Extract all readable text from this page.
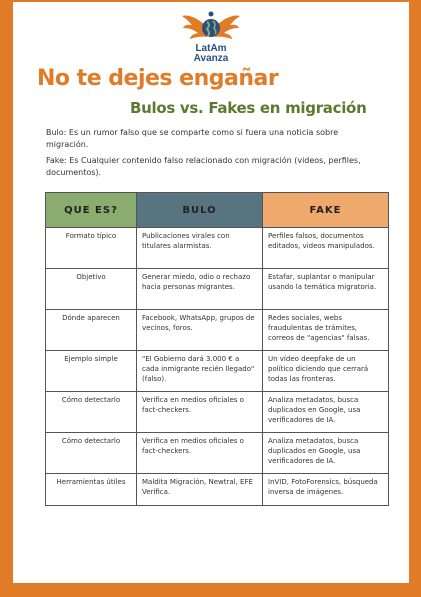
LatAm
Avanza
No te dejes engañar
Bulos vs. Fakes en migración
Bulo: Es un rumor falso que se comparte como si fuera una noticia sobre migración.
Fake: Es Cualquier contenido falso relacionado con migración (videos, perfiles, documentos).
QUE ES?	BULO	FAKE
Formato típico	Publicaciones virales con titulares alarmistas.	Perfiles falsos, documentos editados, videos manipulados.
Objetivo	Generar miedo, odio o rechazo hacia personas migrantes.	Estafar, suplantar o manipular usando la temática migratoria.
Dónde aparecen	Facebook, WhatsApp, grupos de vecinos, foros.	Redes sociales, webs fraudulentas de trámites, correos de "agencias" falsas.
Ejemplo simple	"El Gobierno dará 3.000 € a cada inmigrante recién llegado" (falso).	Un vídeo deepfake de un político diciendo que cerrará todas las fronteras.
Cómo detectarlo	Verifica en medios oficiales o fact-checkers.	Analiza metadatos, busca duplicados en Google, usa verificadores de IA.
Cómo detectarlo	Verifica en medios oficiales o fact-checkers.	Analiza metadatos, busca duplicados en Google, usa verificadores de IA.
Herramientas útiles	Maldita Migración, Newtral, EFE Verifica.	InVID, FotoForensics, búsqueda inversa de imágenes.
